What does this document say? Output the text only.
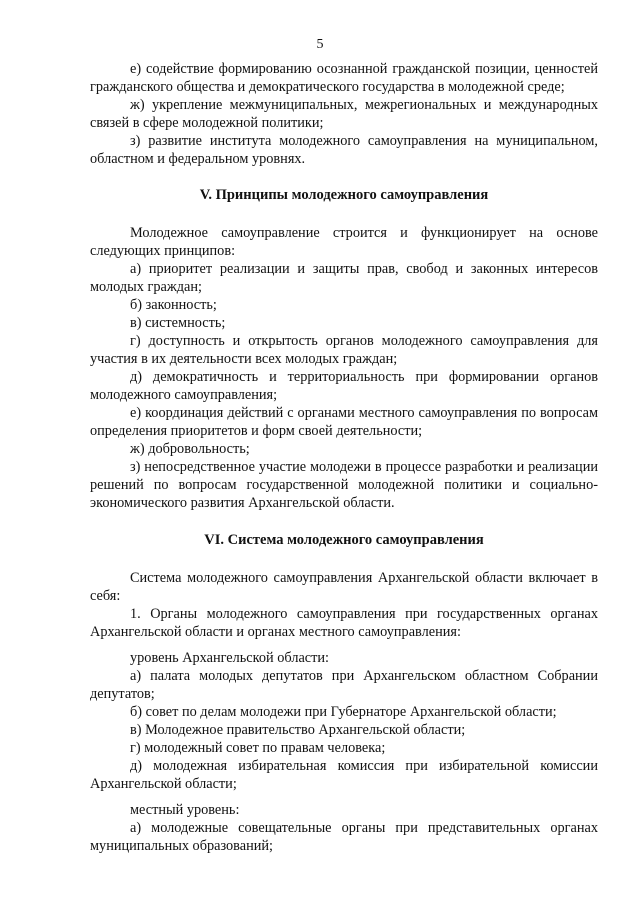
5

е) содействие формированию осознанной гражданской позиции, ценностей гражданского общества и демократического государства в молодежной среде;

ж) укрепление межмуниципальных, межрегиональных и международных связей в сфере молодежной политики;

з) развитие института молодежного самоуправления на муниципальном, областном и федеральном уровнях.

V. Принципы молодежного самоуправления

Молодежное самоуправление строится и функционирует на основе следующих принципов:

а) приоритет реализации и защиты прав, свобод и законных интересов молодых граждан;

б) законность;

в) системность;

г) доступность и открытость органов молодежного самоуправления для участия в их деятельности всех молодых граждан;

д) демократичность и территориальность при формировании органов молодежного самоуправления;

е) координация действий с органами местного самоуправления по вопросам определения приоритетов и форм своей деятельности;

ж) добровольность;

з) непосредственное участие молодежи в процессе разработки и реализации решений по вопросам государственной молодежной политики и социально-экономического развития Архангельской области.

VI. Система молодежного самоуправления

Система молодежного самоуправления Архангельской области включает в себя:

1. Органы молодежного самоуправления при государственных органах Архангельской области и органах местного самоуправления:

уровень Архангельской области:

а) палата молодых депутатов при Архангельском областном Собрании депутатов;

б) совет по делам молодежи при Губернаторе Архангельской области;

в) Молодежное правительство Архангельской области;

г) молодежный совет по правам человека;

д) молодежная избирательная комиссия при избирательной комиссии Архангельской области;

местный уровень:

а) молодежные совещательные органы при представительных органах муниципальных образований;
